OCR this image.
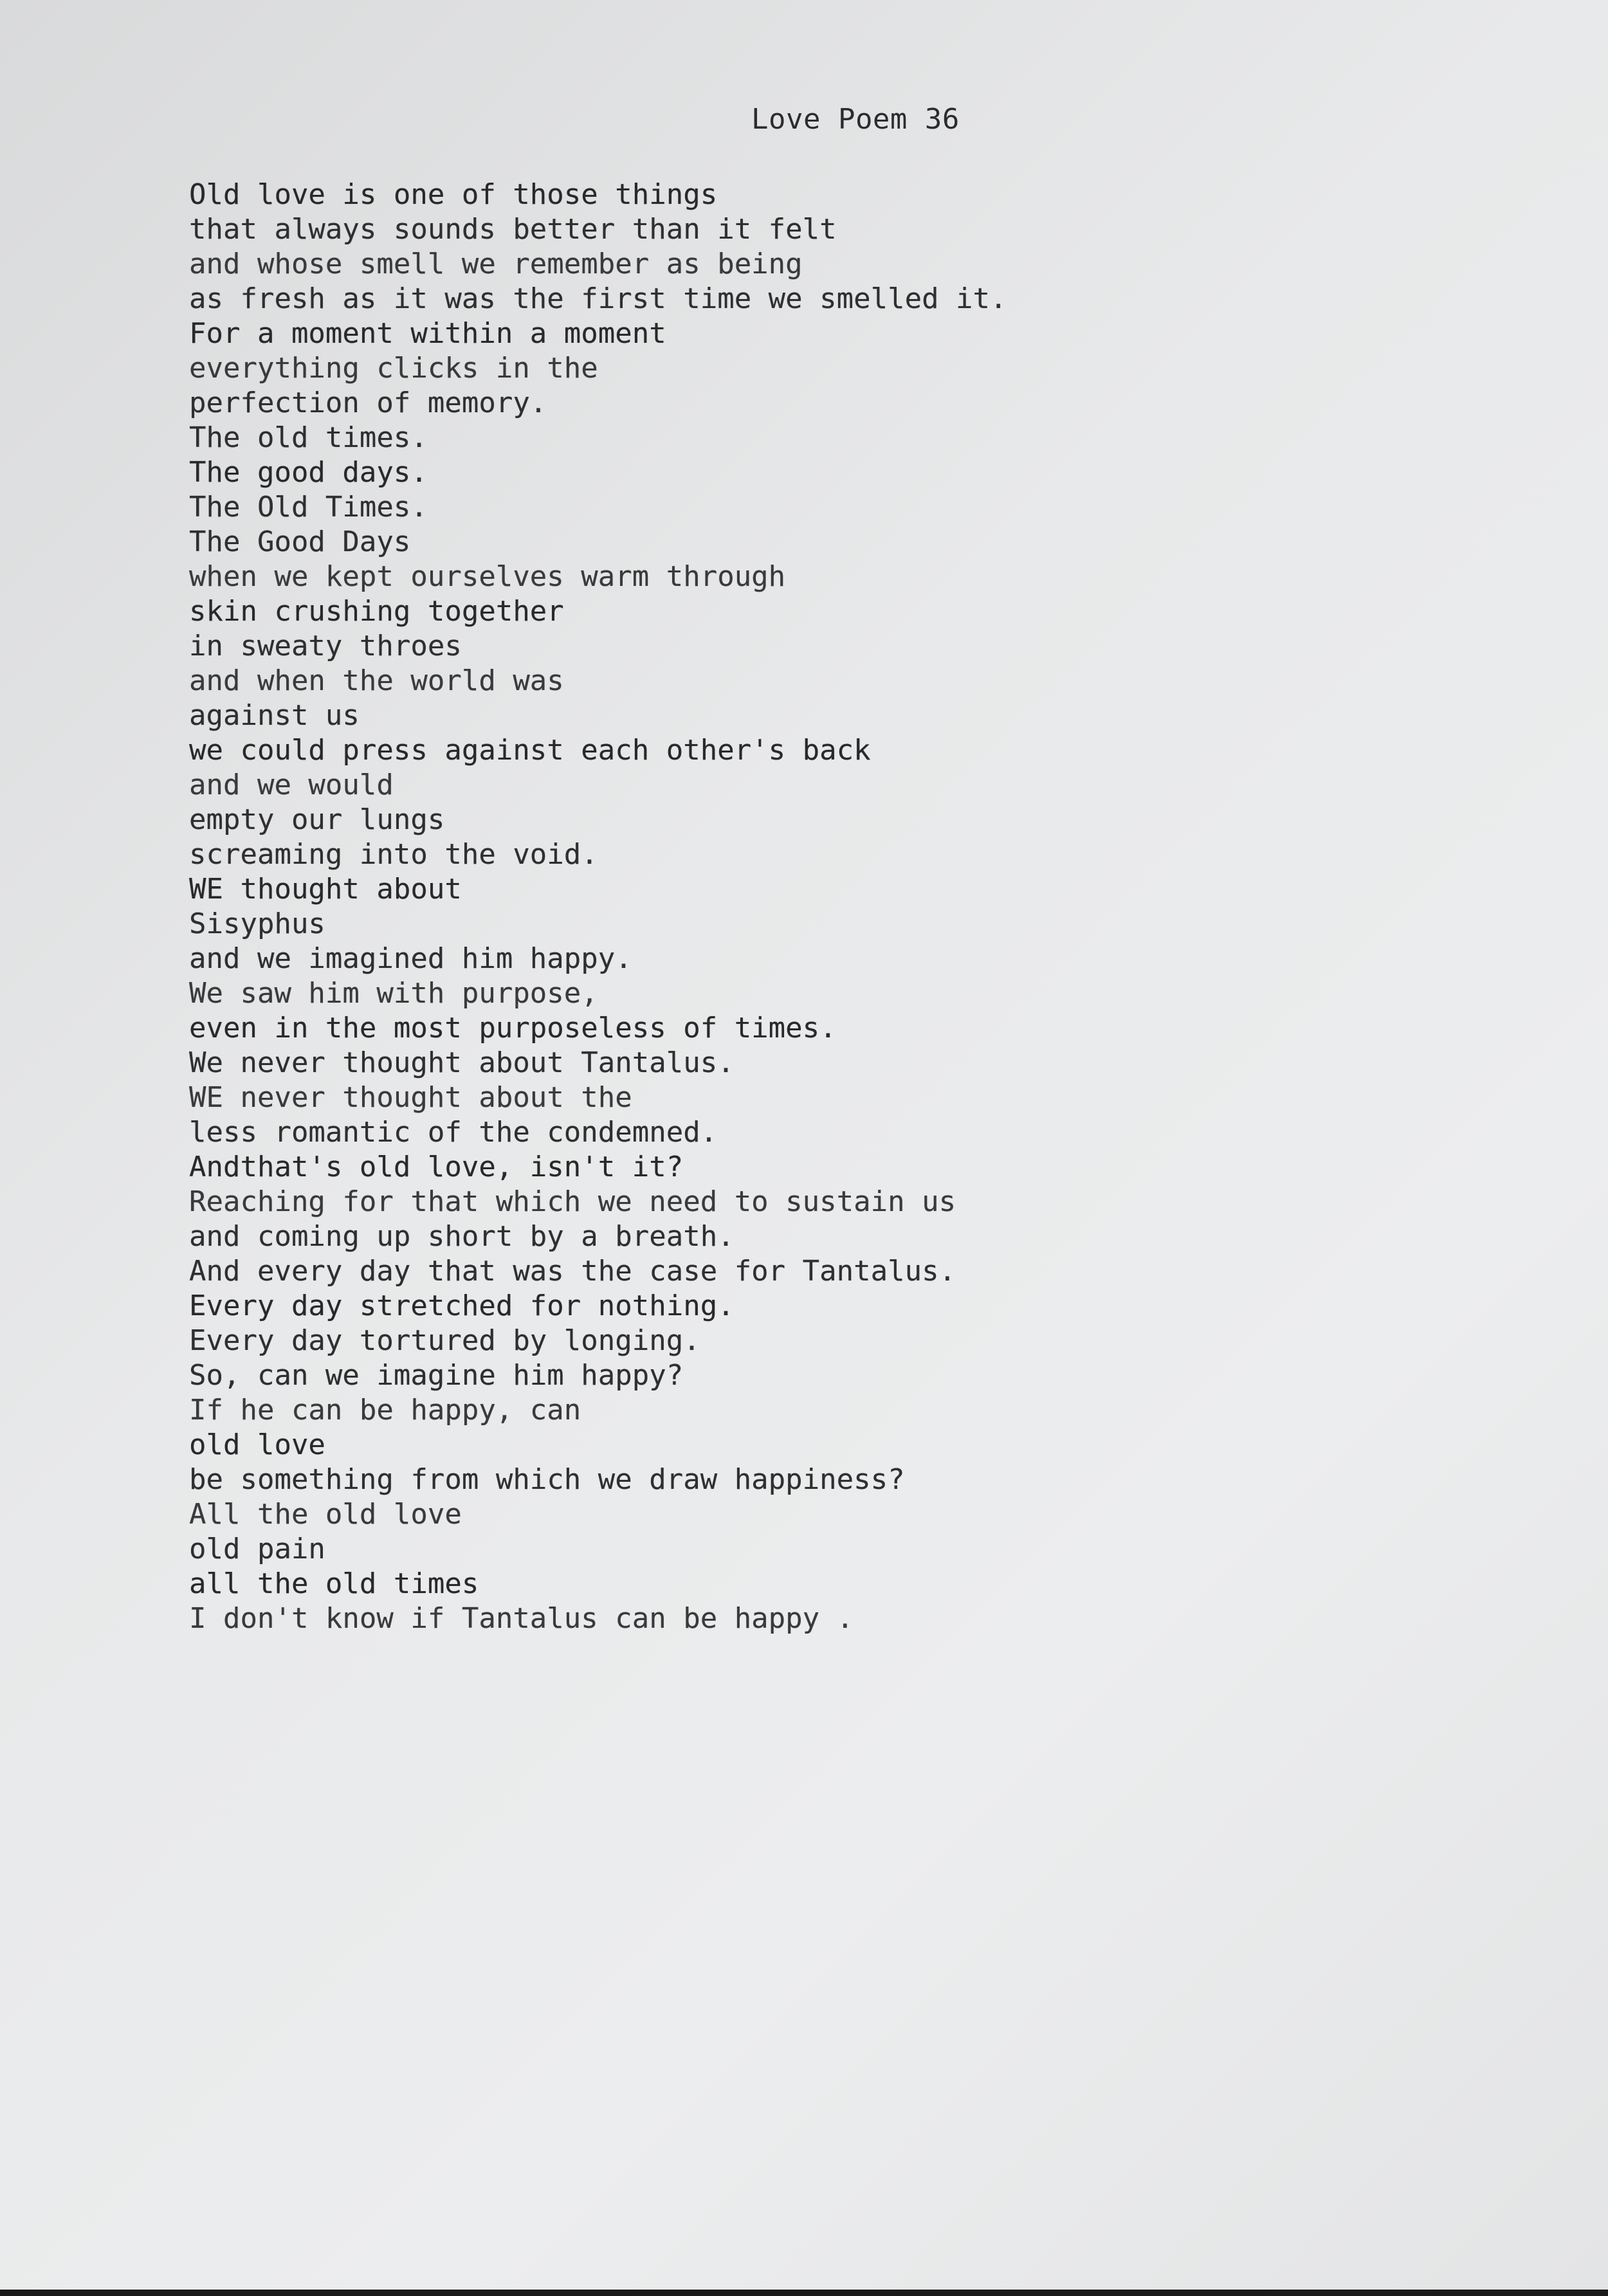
Love Poem 36
Old love is one of those things
that always sounds better than it felt
and whose smell we remember as being
as fresh as it was the first time we smelled it.
For a moment within a moment
everything clicks in the
perfection of memory.
The old times.
The good days.
The Old Times.
The Good Days
when we kept ourselves warm through
skin crushing together
in sweaty throes
and when the world was
against us
we could press against each other's back
and we would
empty our lungs
screaming into the void.
WE thought about
Sisyphus
and we imagined him happy.
We saw him with purpose,
even in the most purposeless of times.
We never thought about Tantalus.
WE never thought about the
less romantic of the condemned.
Andthat's old love, isn't it?
Reaching for that which we need to sustain us
and coming up short by a breath.
And every day that was the case for Tantalus.
Every day stretched for nothing.
Every day tortured by longing.
So, can we imagine him happy?
If he can be happy, can
old love
be something from which we draw happiness?
All the old love
old pain
all the old times
I don't know if Tantalus can be happy .
